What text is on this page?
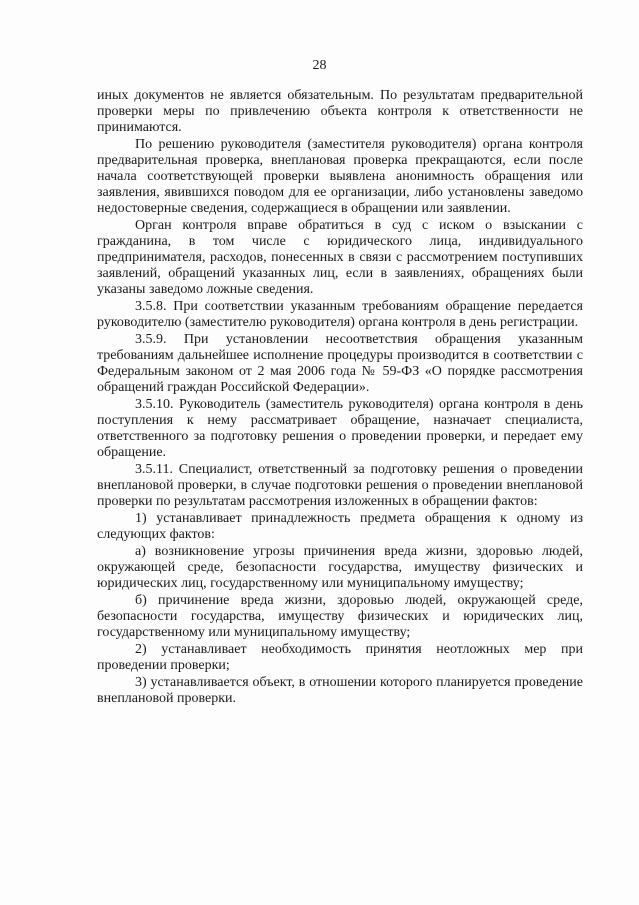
28

иных документов не является обязательным. По результатам предварительной проверки меры по привлечению объекта контроля к ответственности не принимаются.

По решению руководителя (заместителя руководителя) органа контроля предварительная проверка, внеплановая проверка прекращаются, если после начала соответствующей проверки выявлена анонимность обращения или заявления, явившихся поводом для ее организации, либо установлены заведомо недостоверные сведения, содержащиеся в обращении или заявлении.

Орган контроля вправе обратиться в суд с иском о взыскании с гражданина, в том числе с юридического лица, индивидуального предпринимателя, расходов, понесенных в связи с рассмотрением поступивших заявлений, обращений указанных лиц, если в заявлениях, обращениях были указаны заведомо ложные сведения.

3.5.8. При соответствии указанным требованиям обращение передается руководителю (заместителю руководителя) органа контроля в день регистрации.

3.5.9. При установлении несоответствия обращения указанным требованиям дальнейшее исполнение процедуры производится в соответствии с Федеральным законом от 2 мая 2006 года № 59-ФЗ «О порядке рассмотрения обращений граждан Российской Федерации».

3.5.10. Руководитель (заместитель руководителя) органа контроля в день поступления к нему рассматривает обращение, назначает специалиста, ответственного за подготовку решения о проведении проверки, и передает ему обращение.

3.5.11. Специалист, ответственный за подготовку решения о проведении внеплановой проверки, в случае подготовки решения о проведении внеплановой проверки по результатам рассмотрения изложенных в обращении фактов:

1) устанавливает принадлежность предмета обращения к одному из следующих фактов:

а) возникновение угрозы причинения вреда жизни, здоровью людей, окружающей среде, безопасности государства, имуществу физических и юридических лиц, государственному или муниципальному имуществу;

б) причинение вреда жизни, здоровью людей, окружающей среде, безопасности государства, имуществу физических и юридических лиц, государственному или муниципальному имуществу;

2) устанавливает необходимость принятия неотложных мер при проведении проверки;

3) устанавливается объект, в отношении которого планируется проведение внеплановой проверки.
